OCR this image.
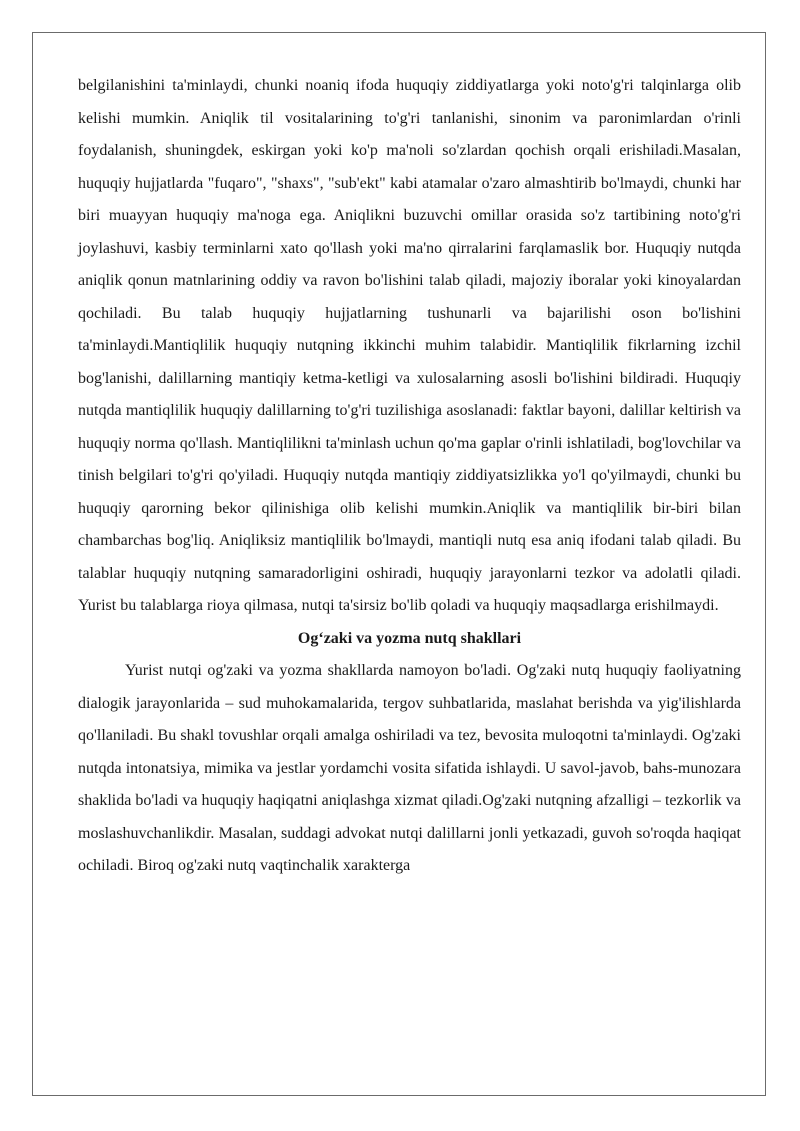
belgilanishini ta'minlaydi, chunki noaniq ifoda huquqiy ziddiyatlarga yoki noto'g'ri talqinlarga olib kelishi mumkin. Aniqlik til vositalarining to'g'ri tanlanishi, sinonim va paronimlardan o'rinli foydalanish, shuningdek, eskirgan yoki ko'p ma'noli so'zlardan qochish orqali erishiladi.Masalan, huquqiy hujjatlarda "fuqaro", "shaxs", "sub'ekt" kabi atamalar o'zaro almashtirib bo'lmaydi, chunki har biri muayyan huquqiy ma'noga ega. Aniqlikni buzuvchi omillar orasida so'z tartibining noto'g'ri joylashuvi, kasbiy terminlarni xato qo'llash yoki ma'no qirralarini farqlamaslik bor. Huquqiy nutqda aniqlik qonun matnlarining oddiy va ravon bo'lishini talab qiladi, majoziy iboralar yoki kinoyalardan qochiladi. Bu talab huquqiy hujjatlarning tushunarli va bajarilishi oson bo'lishini ta'minlaydi.Mantiqlilik huquqiy nutqning ikkinchi muhim talabidir. Mantiqlilik fikrlarning izchil bog'lanishi, dalillarning mantiqiy ketma-ketligi va xulosalarning asosli bo'lishini bildiradi. Huquqiy nutqda mantiqlilik huquqiy dalillarning to'g'ri tuzilishiga asoslanadi: faktlar bayoni, dalillar keltirish va huquqiy norma qo'llash. Mantiqlilikni ta'minlash uchun qo'ma gaplar o'rinli ishlatiladi, bog'lovchilar va tinish belgilari to'g'ri qo'yiladi. Huquqiy nutqda mantiqiy ziddiyatsizlikka yo'l qo'yilmaydi, chunki bu huquqiy qarorning bekor qilinishiga olib kelishi mumkin.Aniqlik va mantiqlilik bir-biri bilan chambarchas bog'liq. Aniqliksiz mantiqlilik bo'lmaydi, mantiqli nutq esa aniq ifodani talab qiladi. Bu talablar huquqiy nutqning samaradorligini oshiradi, huquqiy jarayonlarni tezkor va adolatli qiladi. Yurist bu talablarga rioya qilmasa, nutqi ta'sirsiz bo'lib qoladi va huquqiy maqsadlarga erishilmaydi.

Og‘zaki va yozma nutq shakllari

Yurist nutqi og'zaki va yozma shakllarda namoyon bo'ladi. Og'zaki nutq huquqiy faoliyatning dialogik jarayonlarida – sud muhokamalarida, tergov suhbatlarida, maslahat berishda va yig'ilishlarda qo'llaniladi. Bu shakl tovushlar orqali amalga oshiriladi va tez, bevosita muloqotni ta'minlaydi. Og'zaki nutqda intonatsiya, mimika va jestlar yordamchi vosita sifatida ishlaydi. U savol-javob, bahs-munozara shaklida bo'ladi va huquqiy haqiqatni aniqlashga xizmat qiladi.Og'zaki nutqning afzalligi – tezkorlik va moslashuvchanlikdir. Masalan, suddagi advokat nutqi dalillarni jonli yetkazadi, guvoh so'roqda haqiqat ochiladi. Biroq og'zaki nutq vaqtinchalik xarakterga
